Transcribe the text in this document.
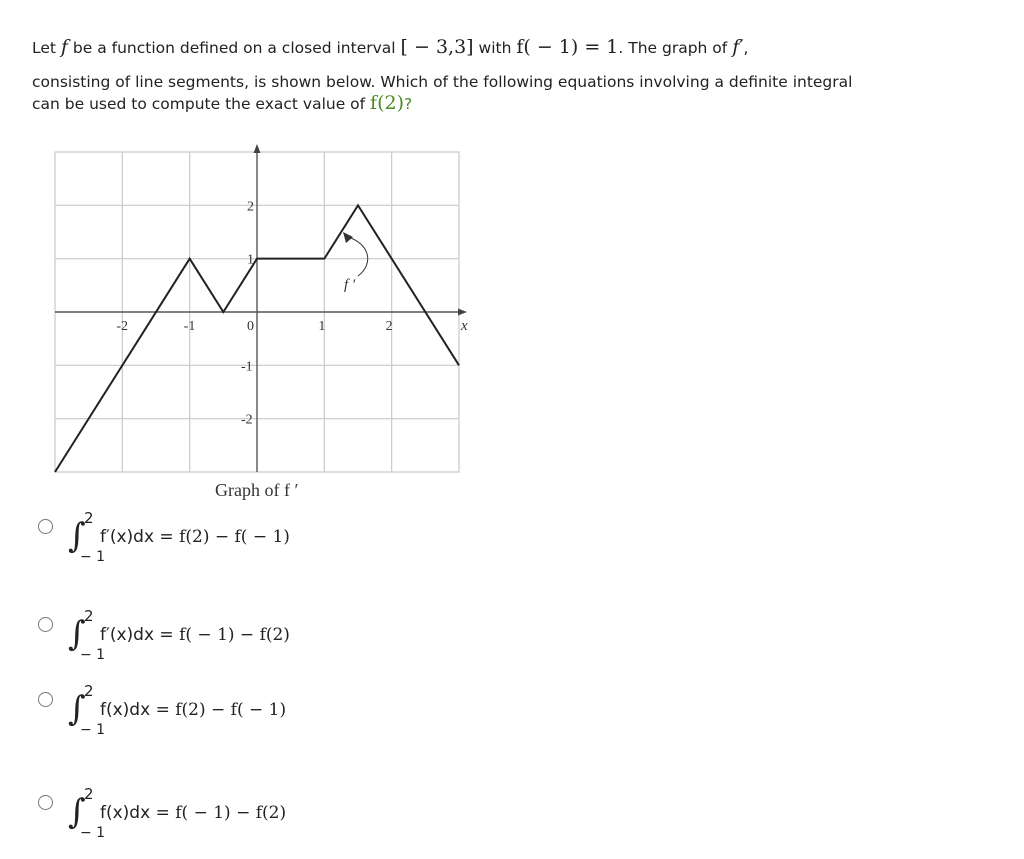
Let f be a function defined on a closed interval [ − 3,3] with f( − 1) = 1. The graph of f′,
consisting of line segments, is shown below. Which of the following equations involving a definite integral
can be used to compute the exact value of f(2)?
-2	-1	0	1	2
2
1
-1
-2
x
f ′
Graph of f ′
∫
2
− 1
f′(x)dx = f(2) − f( − 1)
∫
2
− 1
f′(x)dx = f( − 1) − f(2)
∫
2
− 1
f(x)dx = f(2) − f( − 1)
∫
2
− 1
f(x)dx = f( − 1) − f(2)
